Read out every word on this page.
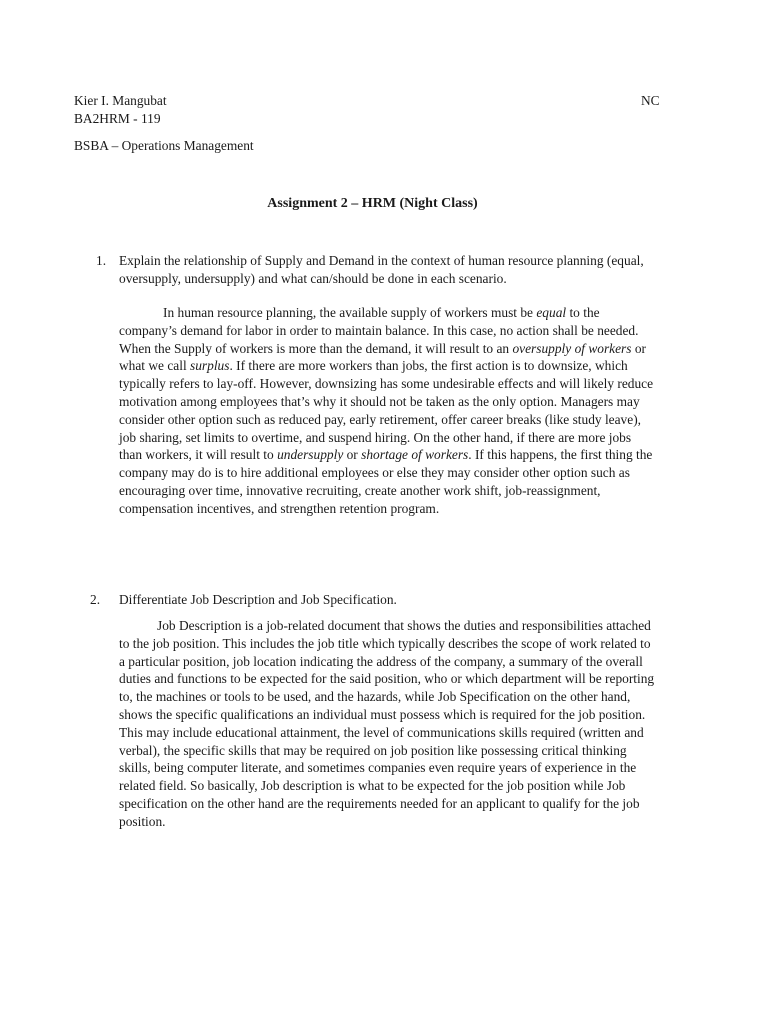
Kier I. Mangubat
BA2HRM - 119
NC
BSBA – Operations Management
Assignment 2 – HRM (Night Class)
1. Explain the relationship of Supply and Demand in the context of human resource planning (equal,
oversupply, undersupply) and what can/should be done in each scenario.
In human resource planning, the available supply of workers must be equal to the
company’s demand for labor in order to maintain balance. In this case, no action shall be needed.
When the Supply of workers is more than the demand, it will result to an oversupply of workers or
what we call surplus. If there are more workers than jobs, the first action is to downsize, which
typically refers to lay-off. However, downsizing has some undesirable effects and will likely reduce
motivation among employees that’s why it should not be taken as the only option. Managers may
consider other option such as reduced pay, early retirement, offer career breaks (like study leave),
job sharing, set limits to overtime, and suspend hiring. On the other hand, if there are more jobs
than workers, it will result to undersupply or shortage of workers. If this happens, the first thing the
company may do is to hire additional employees or else they may consider other option such as
encouraging over time, innovative recruiting, create another work shift, job-reassignment,
compensation incentives, and strengthen retention program.
2. Differentiate Job Description and Job Specification.
Job Description is a job-related document that shows the duties and responsibilities attached
to the job position. This includes the job title which typically describes the scope of work related to
a particular position, job location indicating the address of the company, a summary of the overall
duties and functions to be expected for the said position, who or which department will be reporting
to, the machines or tools to be used, and the hazards, while Job Specification on the other hand,
shows the specific qualifications an individual must possess which is required for the job position.
This may include educational attainment, the level of communications skills required (written and
verbal), the specific skills that may be required on job position like possessing critical thinking
skills, being computer literate, and sometimes companies even require years of experience in the
related field. So basically, Job description is what to be expected for the job position while Job
specification on the other hand are the requirements needed for an applicant to qualify for the job
position.
